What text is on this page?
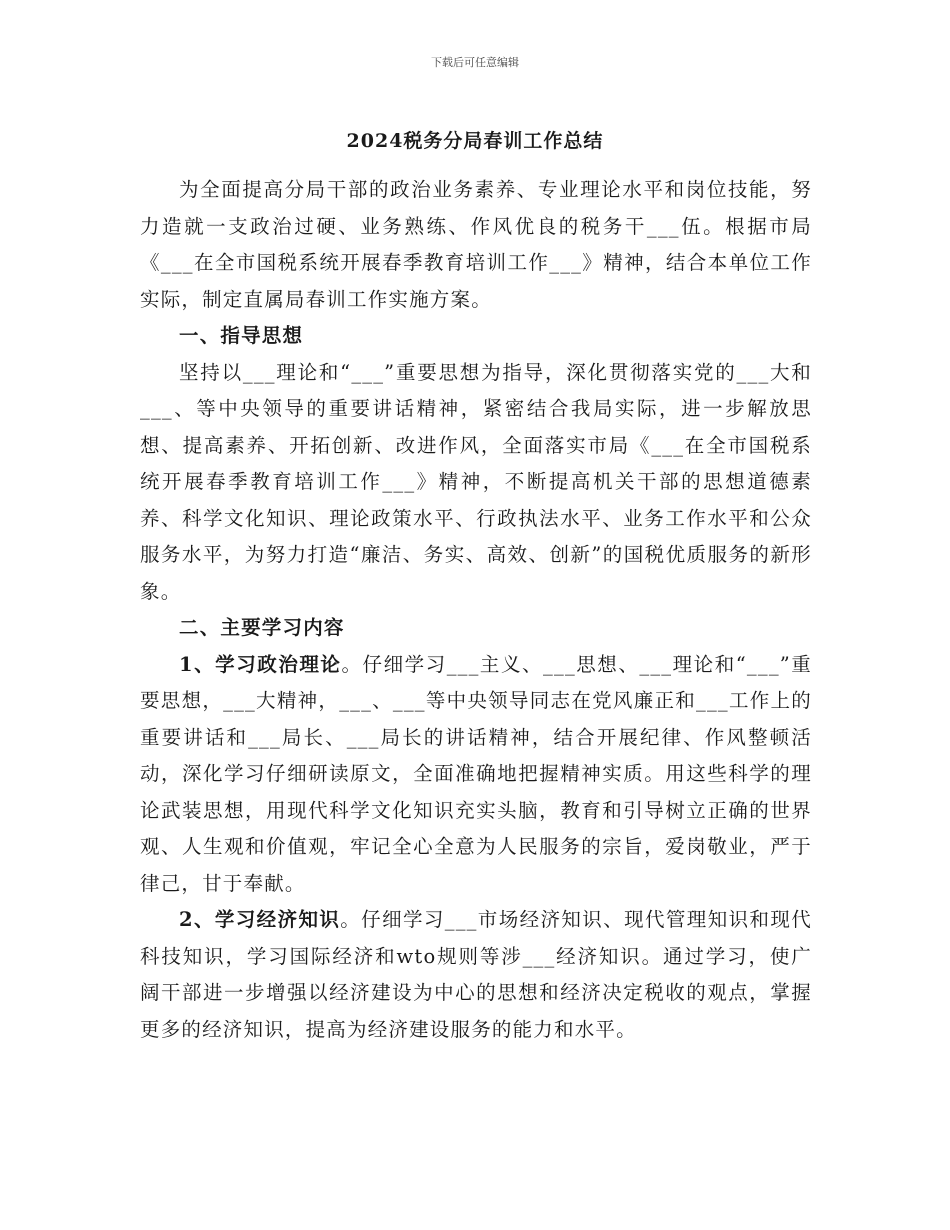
下载后可任意编辑
2024税务分局春训工作总结

为全面提高分局干部的政治业务素养、专业理论水平和岗位技能，努力造就一支政治过硬、业务熟练、作风优良的税务干___伍。根据市局《___在全市国税系统开展春季教育培训工作___》精神，结合本单位工作实际，制定直属局春训工作实施方案。

一、指导思想

坚持以___理论和“___”重要思想为指导，深化贯彻落实党的___大和___、等中央领导的重要讲话精神，紧密结合我局实际，进一步解放思想、提高素养、开拓创新、改进作风，全面落实市局《___在全市国税系统开展春季教育培训工作___》精神，不断提高机关干部的思想道德素养、科学文化知识、理论政策水平、行政执法水平、业务工作水平和公众服务水平，为努力打造“廉洁、务实、高效、创新”的国税优质服务的新形象。

二、主要学习内容

1、学习政治理论。仔细学习___主义、___思想、___理论和“___”重要思想，___大精神，___、___等中央领导同志在党风廉正和___工作上的重要讲话和___局长、___局长的讲话精神，结合开展纪律、作风整顿活动，深化学习仔细研读原文，全面准确地把握精神实质。用这些科学的理论武装思想，用现代科学文化知识充实头脑，教育和引导树立正确的世界观、人生观和价值观，牢记全心全意为人民服务的宗旨，爱岗敬业，严于律己，甘于奉献。

2、学习经济知识。仔细学习___市场经济知识、现代管理知识和现代科技知识，学习国际经济和wto规则等涉___经济知识。通过学习，使广阔干部进一步增强以经济建设为中心的思想和经济决定税收的观点，掌握更多的经济知识，提高为经济建设服务的能力和水平。
